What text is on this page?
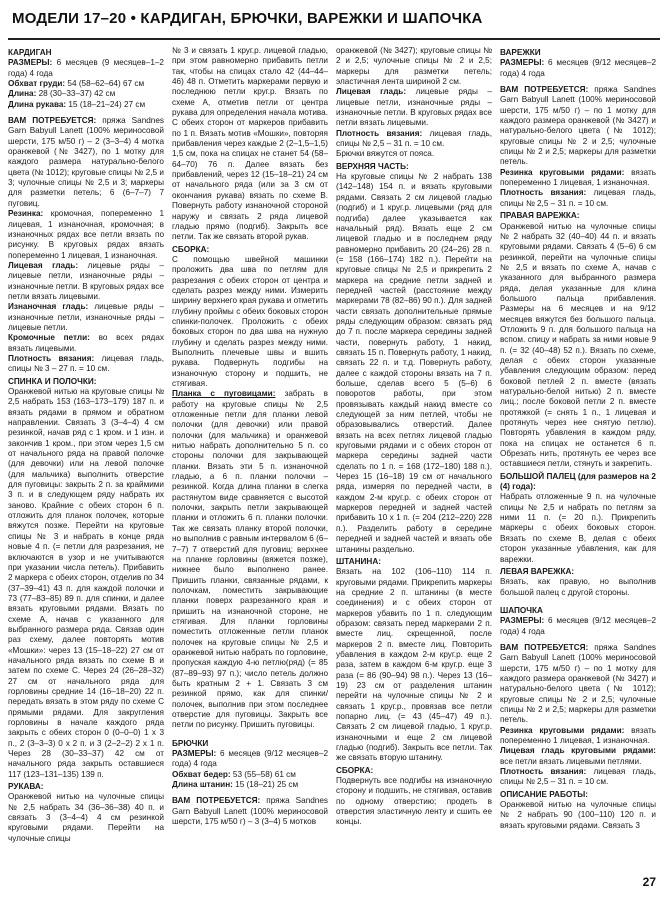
МОДЕЛИ 17–20 • КАРДИГАН, БРЮЧКИ, ВАРЕЖКИ И ШАПОЧКА

КАРДИГАН

РАЗМЕРЫ: 6 месяцев (9 месяцев–1–2 года) 4 года

Обхват груди: 54 (58–62–64) 67 см

Длина: 28 (30–33–37) 42 см

Длина рукава: 15 (18–21–24) 27 см

ВАМ ПОТРЕБУЕТСЯ: пряжа Sandnes Garn Babyull Lanett (100% мериносовой шерсти, 175 м/50 г) – 2 (3–3–4) 4 мотка оранжевой (№ 3427), по 1 мотку для каждого размера натурально-белого цвета (№ 1012); круговые спицы № 2,5 и 3; чулочные спицы № 2,5 и 3; маркеры для разметки петель; 6 (6–7–7) 7 пуговиц.

Резинка: кромочная, попеременно 1 лицевая, 1 изнаночная, кромочная; в изнаночных рядах все петли вязать по рисунку. В круговых рядах вязать попеременно 1 лицевая, 1 изнаночная.

Лицевая гладь: лицевые ряды – лицевые петли, изнаночные ряды – изнаночные петли. В круговых рядах все петли вязать лицевыми.

Изнаночная гладь: лицевые ряды – изнаночные петли, изнаночные ряды – лицевые петли.

Кромочные петли: во всех рядах вязать лицевыми.

Плотность вязания: лицевая гладь, спицы № 3 – 27 п. = 10 см.

СПИНКА И ПОЛОЧКИ:

Оранжевой нитью на круговые спицы № 2,5 набрать 153 (163–173–179) 187 п. и вязать рядами в прямом и обратном направлении. Связать 3 (3–4–4) 4 см резинкой, начав ряд с 1 кром. и 1 изн. и закончив 1 кром., при этом через 1,5 см от начального ряда на правой полочке (для девочки) или на левой полочке (для мальчика) выполнить отверстие для пуговицы: закрыть 2 п. за краймими 3 п. и в следующем ряду набрать их заново. Крайние с обеих сторон 6 п. отложить для планок полочек, которые вяжутся позже. Перейти на круговые спицы № 3 и набрать в конце ряда новые 4 п. (= петли для разрезания, не включаются в узор и не учитываются при указании числа петель). Прибавить 2 маркера с обеих сторон, отделив по 34 (37–39–41) 43 п. для каждой полочки и 73 (77–83–85) 89 п. для спинки, и далее вязать круговыми рядами. Вязать по схеме А, начав с указанного для выбранного размера ряда. Связав один раз схему, далее повторять мотив «Мошки»: через 13 (15–18–22) 27 см от начального ряда вязать по схеме В и затем по схеме С. Через 24 (26–28–32) 27 см от начального ряда для горловины средние 14 (16–18–20) 22 п. передать вязать в этом ряду по схеме С прямыми рядами. Для закругления горловины в начале каждого ряда закрыть с обеих сторон 0 (0–0–0) 1 x 3 п., 2 (3–3–3) 0 x 2 п. и 3 (2–2–2) 2 x 1 п. Через 28 (30–33–37) 42 см от начального ряда закрыть оставшиеся 117 (123–131–135) 139 п.

РУКАВА:

Оранжевой нитью на чулочные спицы № 2,5 набрать 34 (36–36–38) 40 п. и связать 3 (3–4–4) 4 см резинкой круговыми рядами. Перейти на чулочные спицы

№ 3 и связать 1 круг.р. лицевой гладью, при этом равномерно прибавить петли так, чтобы на спицах стало 42 (44–44–46) 48 п. Отметить маркерами первую и последнюю петли круг.р. Вязать по схеме А, отметив петли от центра рукава для определения начала мотива. С обеих сторон от маркеров прибавить по 1 п. Вязать мотив «Мошки», повторяя прибавления через каждые 2 (2–1,5–1,5) 1,5 см, пока на спицах не станет 54 (58–64–70) 76 п. Далее вязать без прибавлений, через 12 (15–18–21) 24 см от начального ряда (или за 3 см от окончания рукава) вязать по схеме В. Повернуть работу изнаночной стороной наружу и связать 2 ряда лицевой гладью прямо (подгиб). Закрыть все петли. Так же связать второй рукав.

СБОРКА:

С помощью швейной машинки проложить два шва по петлям для разрезания с обеих сторон от центра и сделать разрез между ними. Измерить ширину верхнего края рукава и отметить глубину проймы с обеих боковых сторон спинки-полочек. Проложить с обеих боковых сторон по два шва на нужную глубину и сделать разрез между ними. Выполнить плечевые швы и вшить рукава. Подвернуть подгибы на изнаночную сторону и подшить, не стягивая.

Планка с пуговицами: забрать в работу на круговые спицы № 2,5 отложенные петли для планки левой полочки (для девочки) или правой полочки (для мальчика) и оранжевой нитью набрать дополнительно 5 п. со стороны полочки для закрывающей планки. Вязать эти 5 п. изнаночной гладью, а 6 п. планки полочки – резинкой. Когда длина планки в слегка растянутом виде сравняется с высотой полочки, закрыть петли закрывающей планки и отложить 6 п. планки полочки. Так же связать планку второй полочки, но выполнив с равным интервалом 6 (6–7–7) 7 отверстий для пуговиц: верхнее на планке горловины (вяжется позже), нижнее было выполнено ранее. Пришить планки, связанные рядами, к полочкам, поместить закрывающие планки поверх разрезанного края и пришить на изнаночной стороне, не стягивая. Для планки горловины поместить отложенные петли планок полочек на круговые спицы № 2,5 и оранжевой нитью набрать по горловине, пропуская каждую 4-ю петлю(ряд) (= 85 (87–89–93) 97 п.); число петель должно быть кратным 2 + 1. Связать 3 см резинкой прямо, как для спинки/полочек, выполнив при этом последнее отверстие для пуговицы. Закрыть все петли по рисунку. Пришить пуговицы.

БРЮЧКИ

РАЗМЕРЫ: 6 месяцев (9/12 месяцев–2 года) 4 года

Обхват бедер: 53 (55–58) 61 см

Длина штанин: 15 (18–21) 25 см

ВАМ ПОТРЕБУЕТСЯ: пряжа Sandnes Garn Babyull Lanett (100% мериносовой шерсти, 175 м/50 г) – 3 (3–4) 5 мотков

оранжевой (№ 3427); круговые спицы № 2 и 2,5; чулочные спицы № 2 и 2,5; маркеры для разметки петель; эластичная лента шириной 2 см.

Лицевая гладь: лицевые ряды – лицевые петли, изнаночные ряды – изнаночные петли. В круговых рядах все петли вязать лицевыми.

Плотность вязания: лицевая гладь, спицы № 2,5 – 31 п. = 10 см.

Брючки вяжутся от пояса.

ВЕРХНЯЯ ЧАСТЬ:

На круговые спицы № 2 набрать 138 (142–148) 154 п. и вязать круговыми рядами. Связать 2 см лицевой гладью (подгиб) и 1 круг.р. лицевыми (ряд для подгиба) далее указывается как начальный ряд). Вязать еще 2 см лицевой гладью и в последнем ряду равномерно прибавить 20 (24–26) 28 п. (= 158 (166–174) 182 п.). Перейти на круговые спицы № 2,5 и прикрепить 2 маркера на средние петли задней и передней частей (расстояние между маркерами 78 (82–86) 90 п.). Для задней части связать дополнительные прямые ряды следующим образом: связать ряд до 7 п. после маркера середины задней части, повернуть работу, 1 накид, связать 15 п. Повернуть работу, 1 накид, связать 22 п. и т.д. Повернуть работу, далее с каждой стороны вязать на 7 п. больше, сделав всего 5 (5–6) 6 поворотов работы, при этом провязывать каждый накид вместе со следующей за ним петлей, чтобы не образовывались отверстий. Далее вязать на всех петлях лицевой гладью круговыми рядами и с обеих сторон от маркера середины задней части сделать по 1 п. = 168 (172–180) 188 п.). Через 15 (16–18) 19 см от начального ряда, измеряя по передней части, в каждом 2-м круг.р. с обеих сторон от маркеров передней и задней частей прибавить 10 x 1 п. (= 204 (212–220) 228 п.). Разделить работу в середине передней и задней частей и вязать обе штанины раздельно.

ШТАНИНА:

Вязать на 102 (106–110) 114 п. круговыми рядами. Прикрепить маркеры на средние 2 п. штанины (в месте соединения) и с обеих сторон от маркеров убавить по 1 п. следующим образом: связать перед маркерами 2 п. вместе лиц. скрещенной, после маркеров 2 п. вместе лиц. Повторить убавления в каждом 2-м круг.р. еще 2 раза, затем в каждом 6-м круг.р. еще 3 раза (= 86 (90–94) 98 п.). Через 13 (16–19) 23 см от разделения штанин перейти на чулочные спицы № 2 и связать 1 круг.р., провязав все петли попарно лиц. (= 43 (45–47) 49 п.). Связать 2 см лицевой гладью, 1 круг.р. изнаночными и еще 2 см лицевой гладью (подгиб). Закрыть все петли. Так же связать вторую штанину.

СБОРКА:

Подвернуть все подгибы на изнаночную сторону и подшить, не стягивая, оставив по одному отверстию; продеть в отверстия эластичную ленту и сшить ее концы.

ВАРЕЖКИ

РАЗМЕРЫ: 6 месяцев (9/12 месяцев–2 года) 4 года

ВАМ ПОТРЕБУЕТСЯ: пряжа Sandnes Garn Babyull Lanett (100% мериносовой шерсти, 175 м/50 г) – по 1 мотку для каждого размера оранжевой (№ 3427) и натурально-белого цвета (№ 1012); круговые спицы № 2 и 2,5; чулочные спицы № 2 и 2,5; маркеры для разметки петель.

Резинка круговыми рядами: вязать попеременно 1 лицевая, 1 изнаночная.

Плотность вязания: лицевая гладь, спицы № 2,5 – 31 п. = 10 см.

ПРАВАЯ ВАРЕЖКА:

Оранжевой нитью на чулочные спицы № 2 набрать 32 (40–40) 44 п. и вязать круговыми рядами. Связать 4 (5–6) 6 см резинкой, перейти на чулочные спицы № 2,5 и вязать по схеме А, начав с указанного для выбранного размера ряда, делая указанные для клина большого пальца прибавления. Размеры на 6 месяцев и на 9/12 месяцев вяжутся без большого пальца. Отложить 9 п. для большого пальца на вспом. спицу и набрать за ними новые 9 п. (= 32 (40–48) 52 п.). Вязать по схеме, делая с обеих сторон указанные убавления следующим образом: перед боковой петлей 2 п. вместе (вязать натурально-белой нитью) 2 п. вместе лиц.; после боковой петли 2 п. вместе протяжкой (= снять 1 п., 1 лицевая и протянуть через нее снятую петлю). Повторять убавления в каждом ряду, пока на спицах не останется 6 п. Обрезать нить, протянуть ее через все оставшиеся петли, стянуть и закрепить.

БОЛЬШОЙ ПАЛЕЦ (для размеров на 2 (4) года):

Набрать отложенные 9 п. на чулочные спицы № 2,5 и набрать по петлям за ними 11 п. (= 20 п.). Прикрепить маркеры с обеих боковых сторон. Вязать по схеме В, делая с обеих сторон указанные убавления, как для варежки.

ЛЕВАЯ ВАРЕЖКА:

Вязать, как правую, но выполнив большой палец с другой стороны.

ШАПОЧКА

РАЗМЕРЫ: 6 месяцев (9/12 месяцев–2 года) 4 года

ВАМ ПОТРЕБУЕТСЯ: пряжа Sandnes Garn Babyull Lanett (100% мериносовой шерсти, 175 м/50 г) – по 1 мотку для каждого размера оранжевой (№ 3427) и натурально-белого цвета (№ 1012); круговые спицы № 2 и 2,5; чулочные спицы № 2 и 2,5; маркеры для разметки петель.

Резинка круговыми рядами: вязать попеременно 1 лицевая, 1 изнаночная.

Лицевая гладь круговыми рядами: все петли вязать лицевыми петлями.

Плотность вязания: лицевая гладь, спицы № 2,5 – 31 п. = 10 см.

ОПИСАНИЕ РАБОТЫ:

Оранжевой нитью на чулочные спицы № 2 набрать 90 (100–110) 120 п. и вязать круговыми рядами. Связать 3

27
